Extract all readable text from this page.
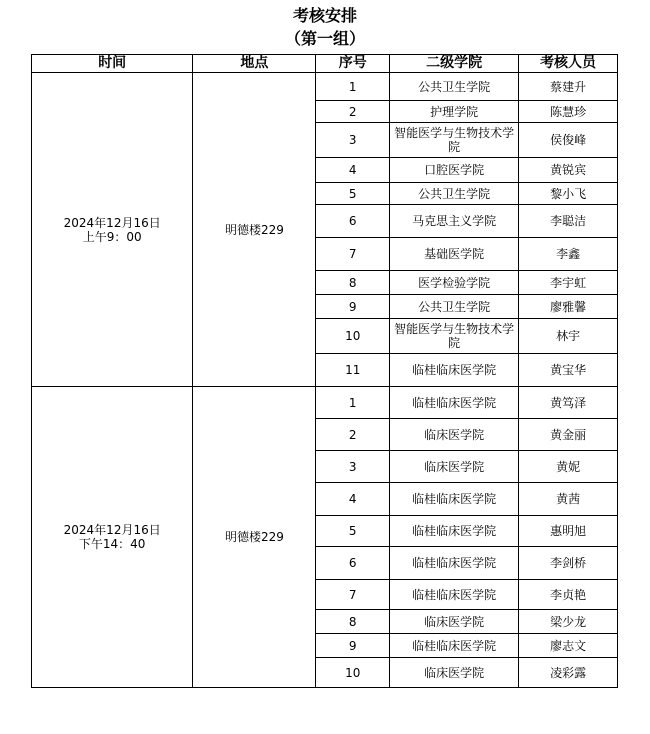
考核安排
（第一组）
时间	地点	序号	二级学院	考核人员

2024年12月16日
上午9：00	明德楼229	1	公共卫生学院	蔡建升
		2	护理学院	陈慧珍
		3	智能医学与生物技术学院	侯俊峰
		4	口腔医学院	黄锐宾
		5	公共卫生学院	黎小飞
		6	马克思主义学院	李聪洁
		7	基础医学院	李鑫
		8	医学检验学院	李宇虹
		9	公共卫生学院	廖雅馨
		10	智能医学与生物技术学院	林宇
		11	临桂临床医学院	黄宝华

2024年12月16日
下午14：40	明德楼229	1	临桂临床医学院	黄笃泽
		2	临床医学院	黄金丽
		3	临床医学院	黄妮
		4	临桂临床医学院	黄茜
		5	临桂临床医学院	惠明旭
		6	临桂临床医学院	李剑桥
		7	临桂临床医学院	李贞艳
		8	临床医学院	梁少龙
		9	临桂临床医学院	廖志文
		10	临床医学院	凌彩露
